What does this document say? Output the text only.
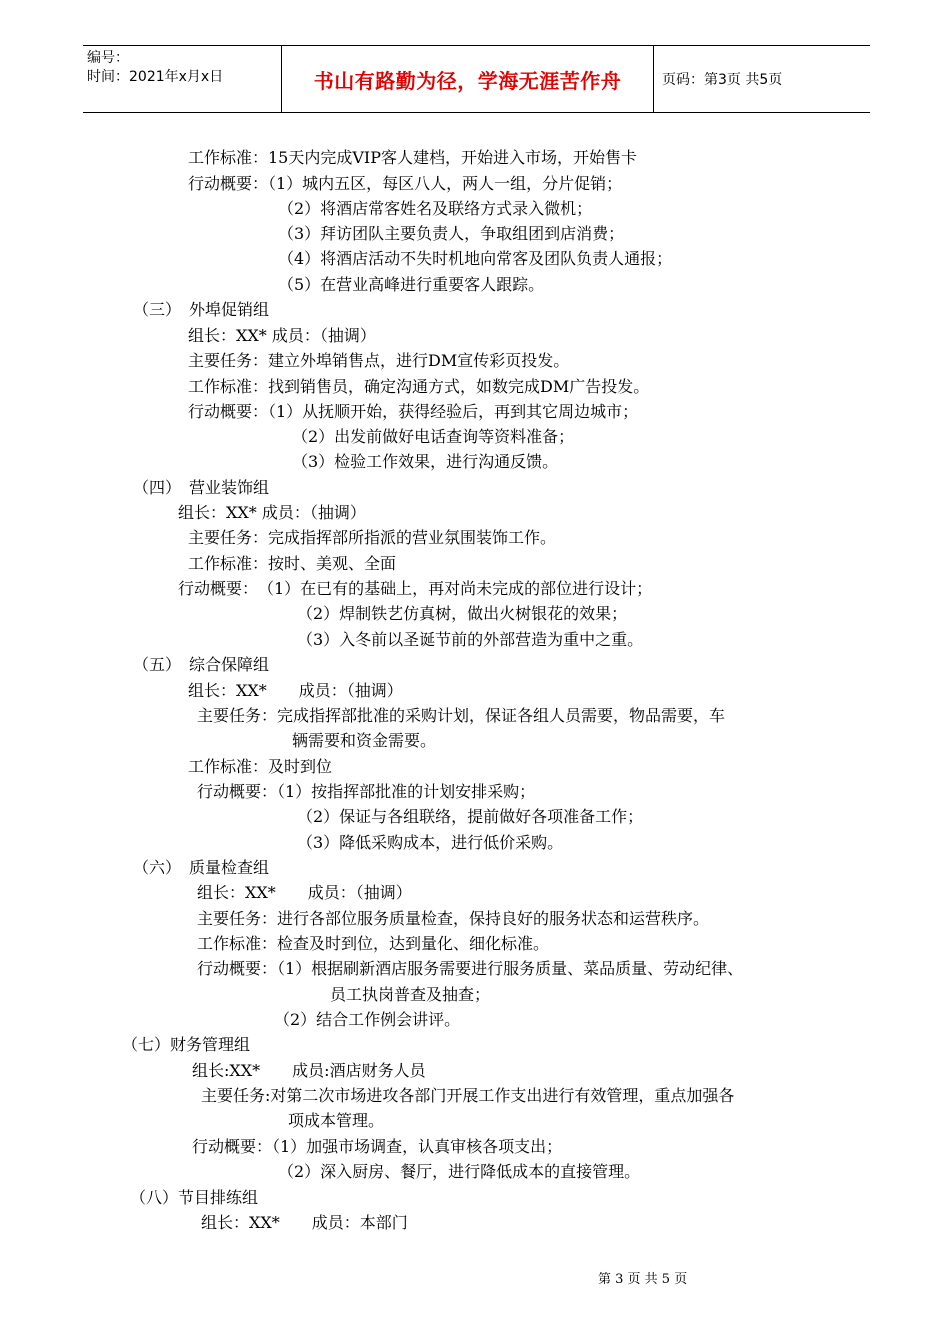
编号：
时间：2021年x月x日	书山有路勤为径，学海无涯苦作舟	页码：第3页 共5页
工作标准：15天内完成VIP客人建档，开始进入市场，开始售卡
行动概要：（1）城内五区，每区八人，两人一组，分片促销；
（2）将酒店常客姓名及联络方式录入微机；
（3）拜访团队主要负责人，争取组团到店消费；
（4）将酒店活动不失时机地向常客及团队负责人通报；
（5）在营业高峰进行重要客人跟踪。
（三）　外埠促销组
组长：XX* 成员：（抽调）
主要任务：建立外埠销售点，进行DM宣传彩页投发。
工作标准：找到销售员，确定沟通方式，如数完成DM广告投发。
行动概要：（1）从抚顺开始，获得经验后，再到其它周边城市；
（2）出发前做好电话查询等资料准备；
（3）检验工作效果，进行沟通反馈。
（四）　营业装饰组
组长：XX* 成员：（抽调）
主要任务：完成指挥部所指派的营业氛围装饰工作。
工作标准：按时、美观、全面
行动概要：　（1）在已有的基础上，再对尚未完成的部位进行设计；
（2）焊制铁艺仿真树，做出火树银花的效果；
（3）入冬前以圣诞节前的外部营造为重中之重。
（五）　综合保障组
组长：XX*　　成员：（抽调）
主要任务：完成指挥部批准的采购计划，保证各组人员需要，物品需要，车
辆需要和资金需要。
工作标准：及时到位
行动概要：（1）按指挥部批准的计划安排采购；
（2）保证与各组联络，提前做好各项准备工作；
（3）降低采购成本，进行低价采购。
（六）　质量检查组
组长：XX*　　成员：（抽调）
主要任务：进行各部位服务质量检查，保持良好的服务状态和运营秩序。
工作标准：检查及时到位，达到量化、细化标准。
行动概要：（1）根据刷新酒店服务需要进行服务质量、菜品质量、劳动纪律、
员工执岗普查及抽查；
（2）结合工作例会讲评。
（七）财务管理组
组长:XX*　　成员:酒店财务人员
主要任务:对第二次市场进攻各部门开展工作支出进行有效管理，重点加强各
项成本管理。
行动概要：（1）加强市场调查，认真审核各项支出；
（2）深入厨房、餐厅，进行降低成本的直接管理。
（八）节目排练组
组长：XX*　　成员：本部门
第 3 页 共 5 页
